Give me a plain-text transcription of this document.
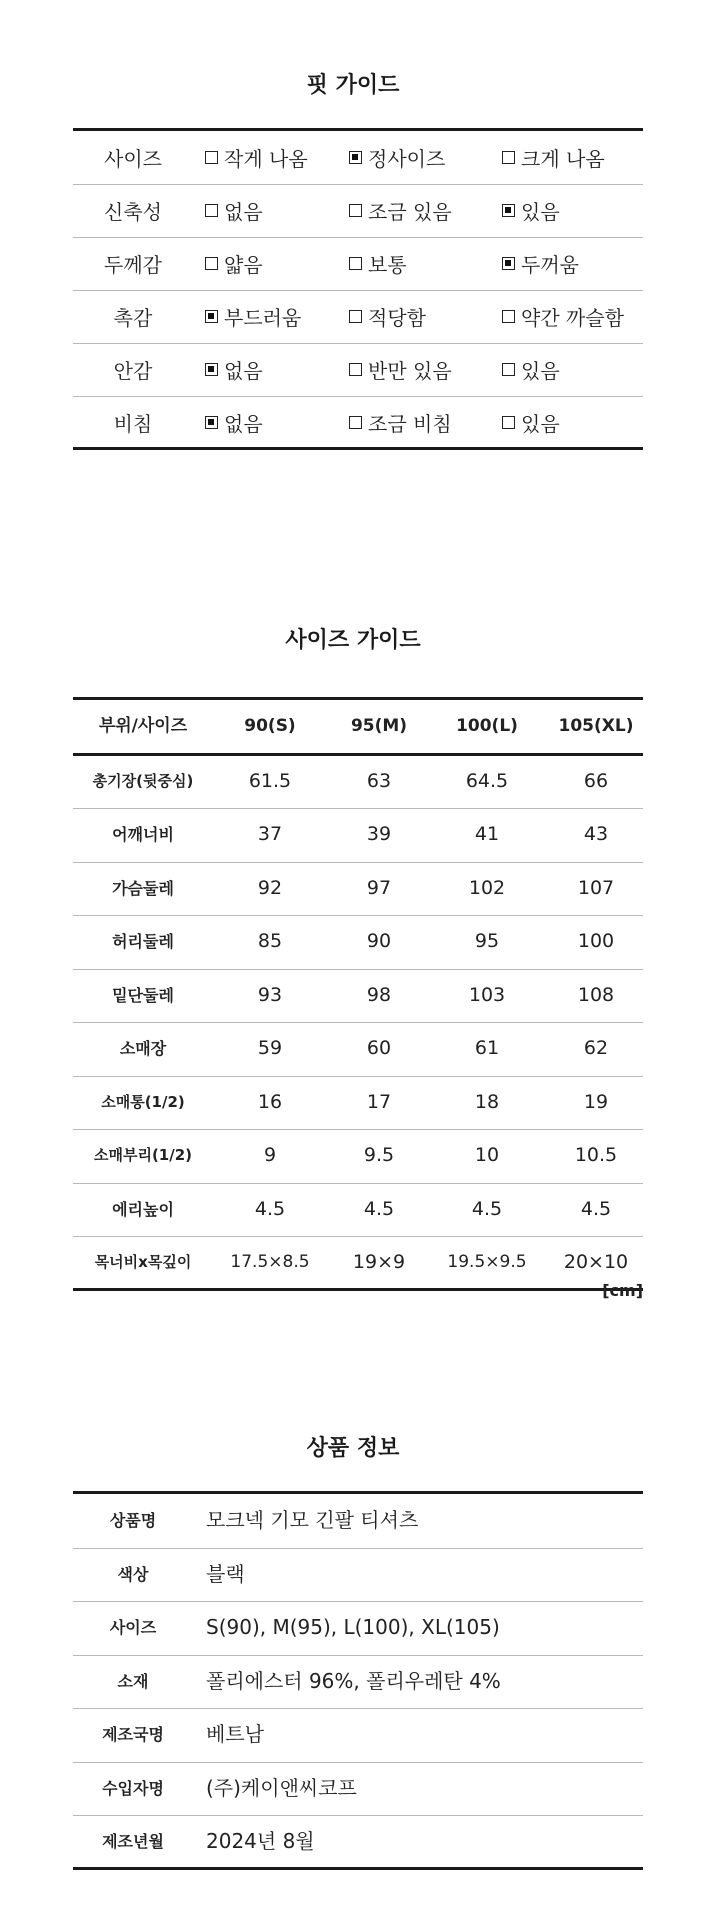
핏 가이드
사이즈	작게 나옴	정사이즈	크게 나옴
신축성	없음	조금 있음	있음
두께감	얇음	보통	두꺼움
촉감	부드러움	적당함	약간 까슬함
안감	없음	반만 있음	있음
비침	없음	조금 비침	있음
사이즈 가이드
부위/사이즈	90(S)	95(M)	100(L)	105(XL)
총기장(뒷중심)	61.5	63	64.5	66
어깨너비	37	39	41	43
가슴둘레	92	97	102	107
허리둘레	85	90	95	100
밑단둘레	93	98	103	108
소매장	59	60	61	62
소매통(1/2)	16	17	18	19
소매부리(1/2)	9	9.5	10	10.5
에리높이	4.5	4.5	4.5	4.5
목너비x목깊이	17.5×8.5	19×9	19.5×9.5	20×10
[cm]
상품 정보
상품명	모크넥 기모 긴팔 티셔츠
색상	블랙
사이즈	S(90), M(95), L(100), XL(105)
소재	폴리에스터 96%, 폴리우레탄 4%
제조국명	베트남
수입자명	(주)케이앤씨코프
제조년월	2024년 8월
